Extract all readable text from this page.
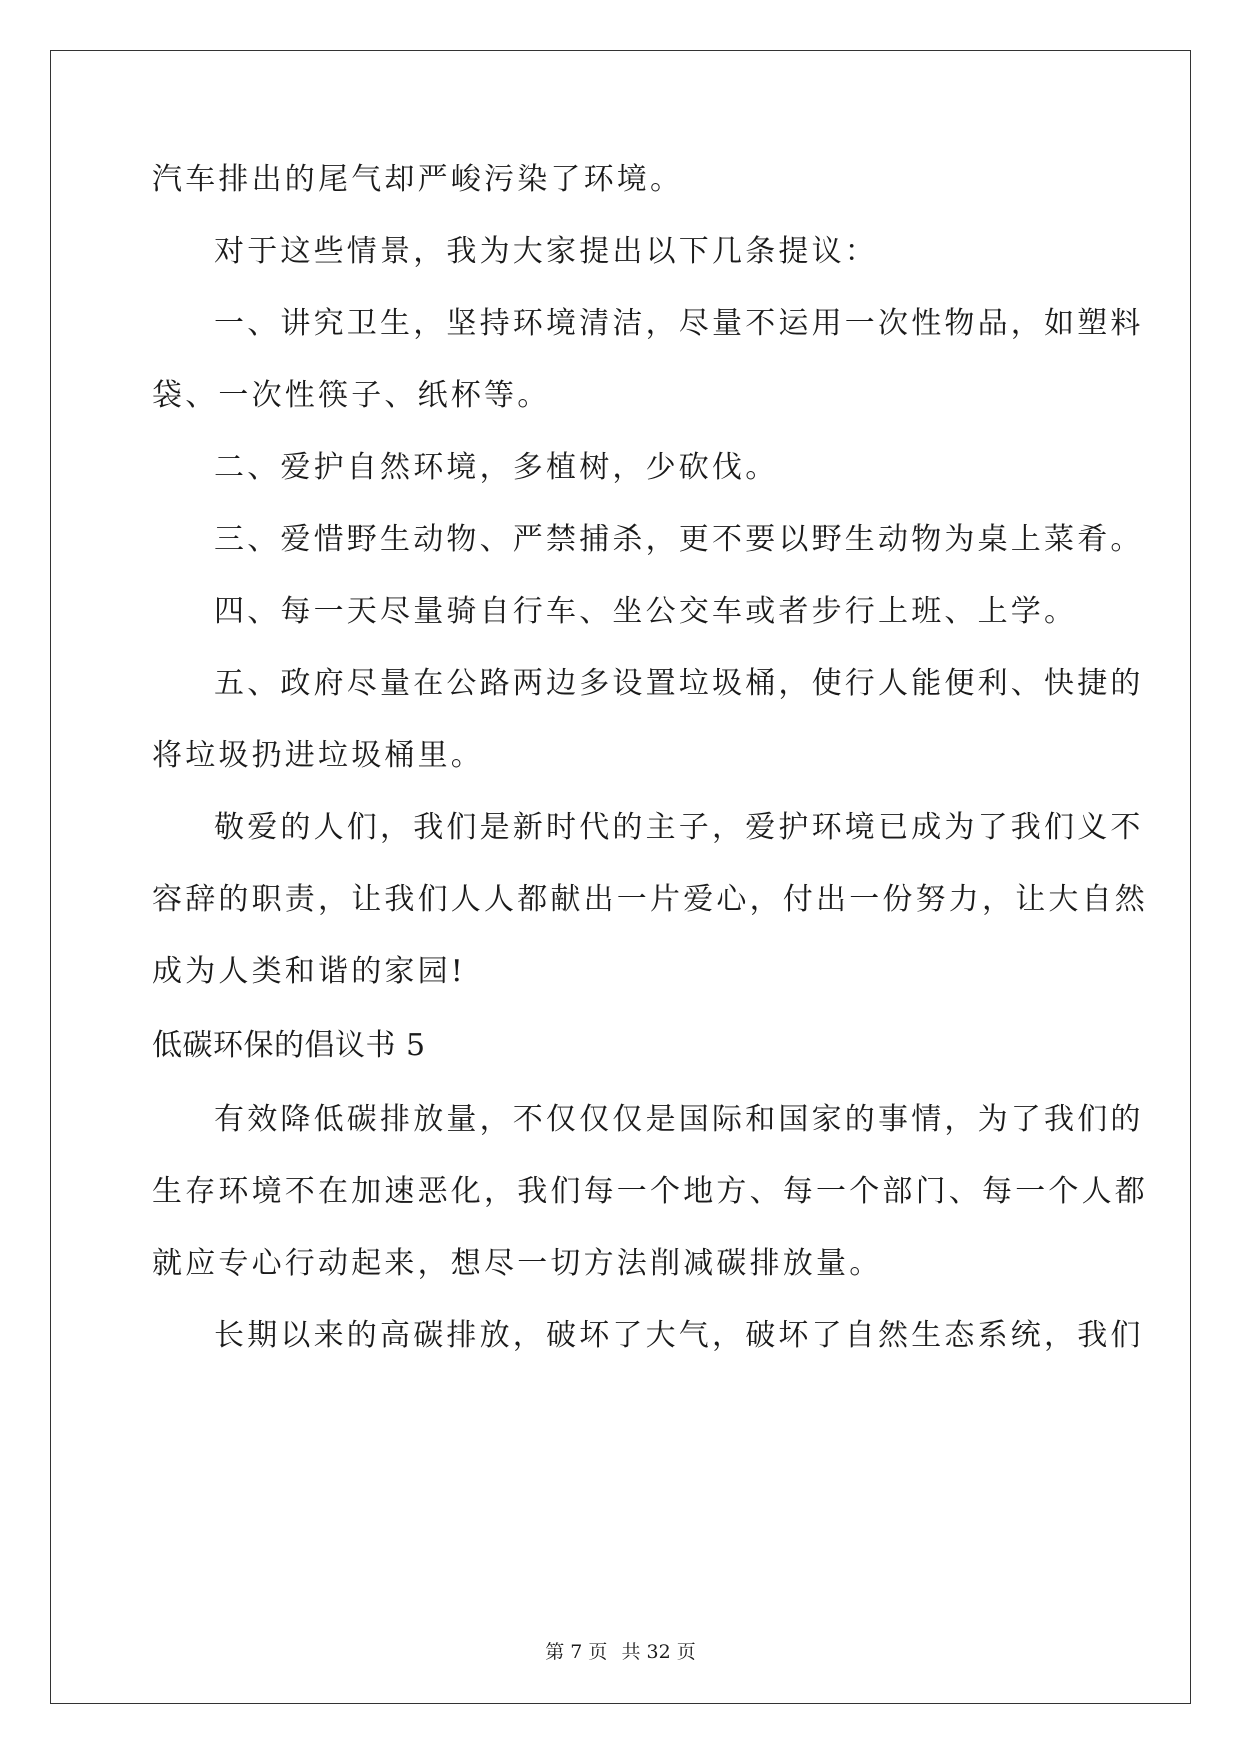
汽车排出的尾气却严峻污染了环境。
对于这些情景，我为大家提出以下几条提议：
一、讲究卫生，坚持环境清洁，尽量不运用一次性物品，如塑料
袋、一次性筷子、纸杯等。
二、爱护自然环境，多植树，少砍伐。
三、爱惜野生动物、严禁捕杀，更不要以野生动物为桌上菜肴。
四、每一天尽量骑自行车、坐公交车或者步行上班、上学。
五、政府尽量在公路两边多设置垃圾桶，使行人能便利、快捷的
将垃圾扔进垃圾桶里。
敬爱的人们，我们是新时代的主子，爱护环境已成为了我们义不
容辞的职责，让我们人人都献出一片爱心，付出一份努力，让大自然
成为人类和谐的家园!
低碳环保的倡议书 5
有效降低碳排放量，不仅仅仅是国际和国家的事情，为了我们的
生存环境不在加速恶化，我们每一个地方、每一个部门、每一个人都
就应专心行动起来，想尽一切方法削减碳排放量。
长期以来的高碳排放，破坏了大气，破坏了自然生态系统，我们
第 7 页 共 32 页
